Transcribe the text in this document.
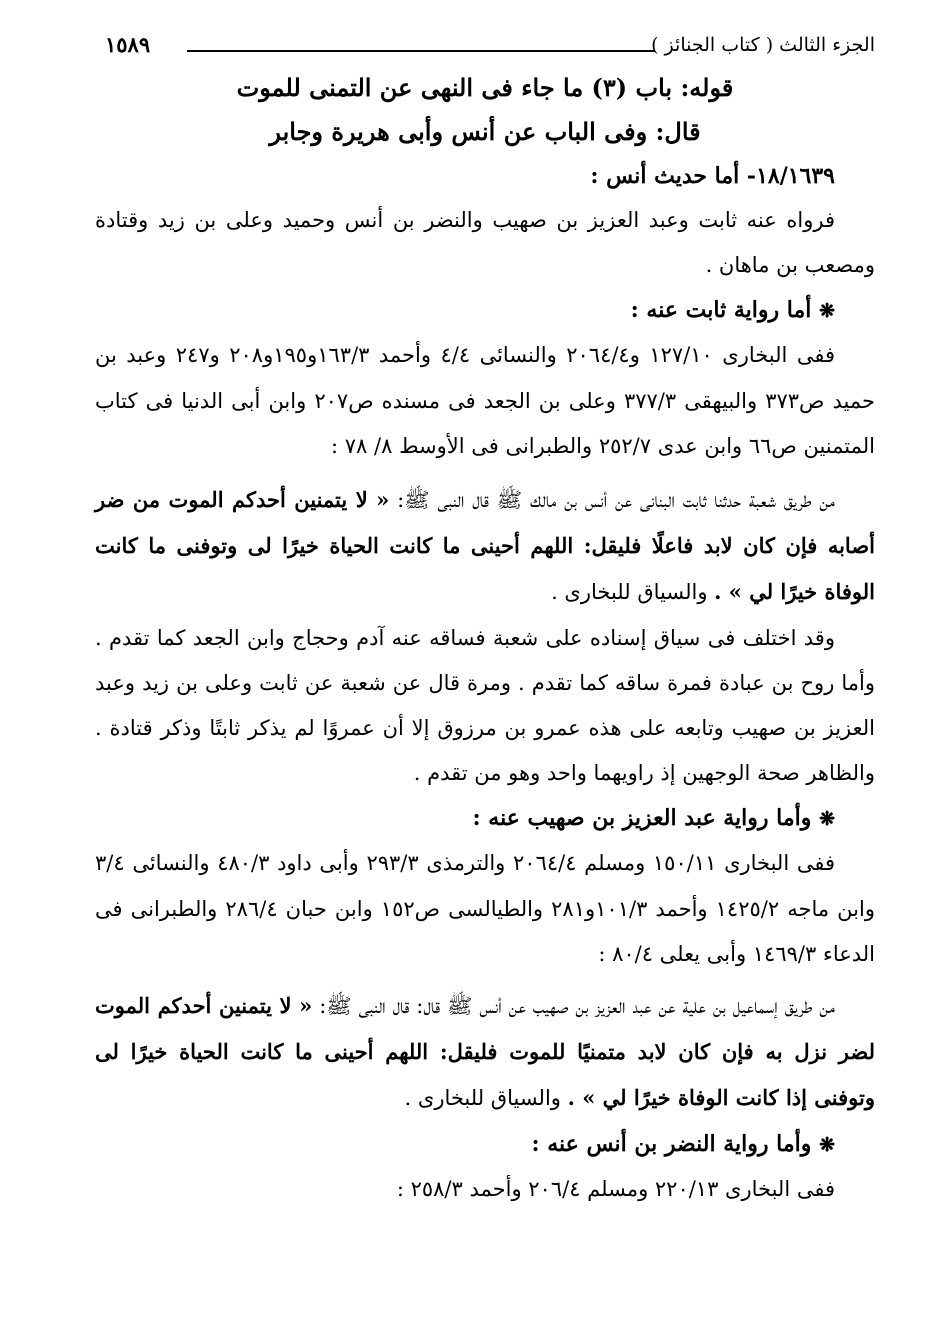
الجزء الثالث ( كتاب الجنائز )
١٥٨٩

قوله: باب (٣) ما جاء فى النهى عن التمنى للموت

قال: وفى الباب عن أنس وأبى هريرة وجابر

١٨/١٦٣٩- أما حديث أنس :

فرواه عنه ثابت وعبد العزيز بن صهيب والنضر بن أنس وحميد وعلى بن زيد وقتادة ومصعب بن ماهان .

❋ أما رواية ثابت عنه :

ففى البخارى ١٢٧/١٠ و٢٠٦٤/٤ والنسائى ٤/٤ وأحمد ١٦٣/٣و١٩٥و٢٠٨ و٢٤٧ وعبد بن حميد ص٣٧٣ والبيهقى ٣٧٧/٣ وعلى بن الجعد فى مسنده ص٢٠٧ وابن أبى الدنيا فى كتاب المتمنين ص٦٦ وابن عدى ٢٥٢/٧ والطبرانى فى الأوسط ٨/ ٧٨ :

من طريق شعبة حدثنا ثابت البنانى عن أنس بن مالك ﷺ قال النبى ﷺ: « لا يتمنين أحدكم الموت من ضر أصابه فإن كان لابد فاعلًا فليقل: اللهم أحينى ما كانت الحياة خيرًا لى وتوفنى ما كانت الوفاة خيرًا لي » . والسياق للبخارى .

وقد اختلف فى سياق إسناده على شعبة فساقه عنه آدم وحجاج وابن الجعد كما تقدم . وأما روح بن عبادة فمرة ساقه كما تقدم . ومرة قال عن شعبة عن ثابت وعلى بن زيد وعبد العزيز بن صهيب وتابعه على هذه عمرو بن مرزوق إلا أن عمروًا لم يذكر ثابتًا وذكر قتادة . والظاهر صحة الوجهين إذ راويهما واحد وهو من تقدم .

❋ وأما رواية عبد العزيز بن صهيب عنه :

ففى البخارى ١٥٠/١١ ومسلم ٢٠٦٤/٤ والترمذى ٢٩٣/٣ وأبى داود ٤٨٠/٣ والنسائى ٣/٤ وابن ماجه ١٤٢٥/٢ وأحمد ١٠١/٣و٢٨١ والطيالسى ص١٥٢ وابن حبان ٢٨٦/٤ والطبرانى فى الدعاء ١٤٦٩/٣ وأبى يعلى ٨٠/٤ :

من طريق إسماعيل بن علية عن عبد العزيز بن صهيب عن أنس ﷺ قال: قال النبى ﷺ: « لا يتمنين أحدكم الموت لضر نزل به فإن كان لابد متمنيًا للموت فليقل: اللهم أحينى ما كانت الحياة خيرًا لى وتوفنى إذا كانت الوفاة خيرًا لي » . والسياق للبخارى .

❋ وأما رواية النضر بن أنس عنه :

ففى البخارى ٢٢٠/١٣ ومسلم ٢٠٦/٤ وأحمد ٢٥٨/٣ :
